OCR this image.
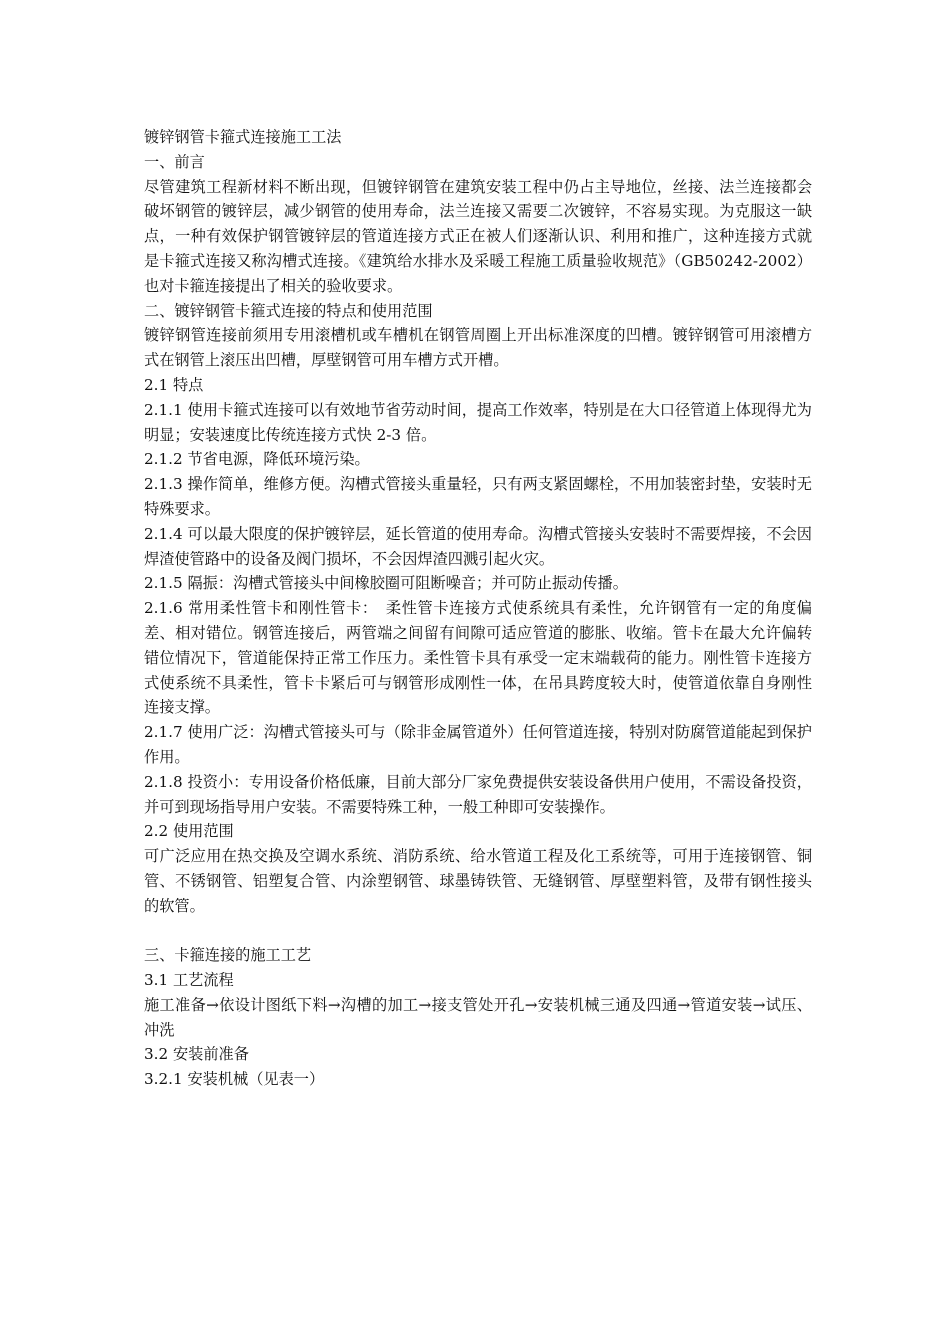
镀锌钢管卡箍式连接施工工法

一、前言

尽管建筑工程新材料不断出现，但镀锌钢管在建筑安装工程中仍占主导地位，丝接、法兰连接都会破坏钢管的镀锌层，减少钢管的使用寿命，法兰连接又需要二次镀锌，不容易实现。为克服这一缺点，一种有效保护钢管镀锌层的管道连接方式正在被人们逐渐认识、利用和推广，这种连接方式就是卡箍式连接又称沟槽式连接。《建筑给水排水及采暖工程施工质量验收规范》（GB50242-2002）也对卡箍连接提出了相关的验收要求。

二、镀锌钢管卡箍式连接的特点和使用范围

镀锌钢管连接前须用专用滚槽机或车槽机在钢管周圈上开出标准深度的凹槽。镀锌钢管可用滚槽方式在钢管上滚压出凹槽，厚壁钢管可用车槽方式开槽。

2.1 特点

2.1.1 使用卡箍式连接可以有效地节省劳动时间，提高工作效率，特别是在大口径管道上体现得尤为明显；安装速度比传统连接方式快 2-3 倍。

2.1.2 节省电源，降低环境污染。

2.1.3 操作简单，维修方便。沟槽式管接头重量轻，只有两支紧固螺栓，不用加装密封垫，安装时无特殊要求。

2.1.4 可以最大限度的保护镀锌层，延长管道的使用寿命。沟槽式管接头安装时不需要焊接，不会因焊渣使管路中的设备及阀门损坏，不会因焊渣四溅引起火灾。

2.1.5 隔振：沟槽式管接头中间橡胶圈可阻断噪音；并可防止振动传播。

2.1.6 常用柔性管卡和刚性管卡：　柔性管卡连接方式使系统具有柔性，允许钢管有一定的角度偏差、相对错位。钢管连接后，两管端之间留有间隙可适应管道的膨胀、收缩。管卡在最大允许偏转错位情况下，管道能保持正常工作压力。柔性管卡具有承受一定末端载荷的能力。刚性管卡连接方式使系统不具柔性，管卡卡紧后可与钢管形成刚性一体，在吊具跨度较大时，使管道依靠自身刚性连接支撑。

2.1.7 使用广泛：沟槽式管接头可与（除非金属管道外）任何管道连接，特别对防腐管道能起到保护作用。

2.1.8 投资小：专用设备价格低廉，目前大部分厂家免费提供安装设备供用户使用，不需设备投资，并可到现场指导用户安装。不需要特殊工种，一般工种即可安装操作。

2.2 使用范围

可广泛应用在热交换及空调水系统、消防系统、给水管道工程及化工系统等，可用于连接钢管、铜管、不锈钢管、铝塑复合管、内涂塑钢管、球墨铸铁管、无缝钢管、厚壁塑料管，及带有钢性接头的软管。

三、卡箍连接的施工工艺

3.1 工艺流程

施工准备→依设计图纸下料→沟槽的加工→接支管处开孔→安装机械三通及四通→管道安装→试压、冲洗

3.2 安装前准备

3.2.1 安装机械（见表一）
